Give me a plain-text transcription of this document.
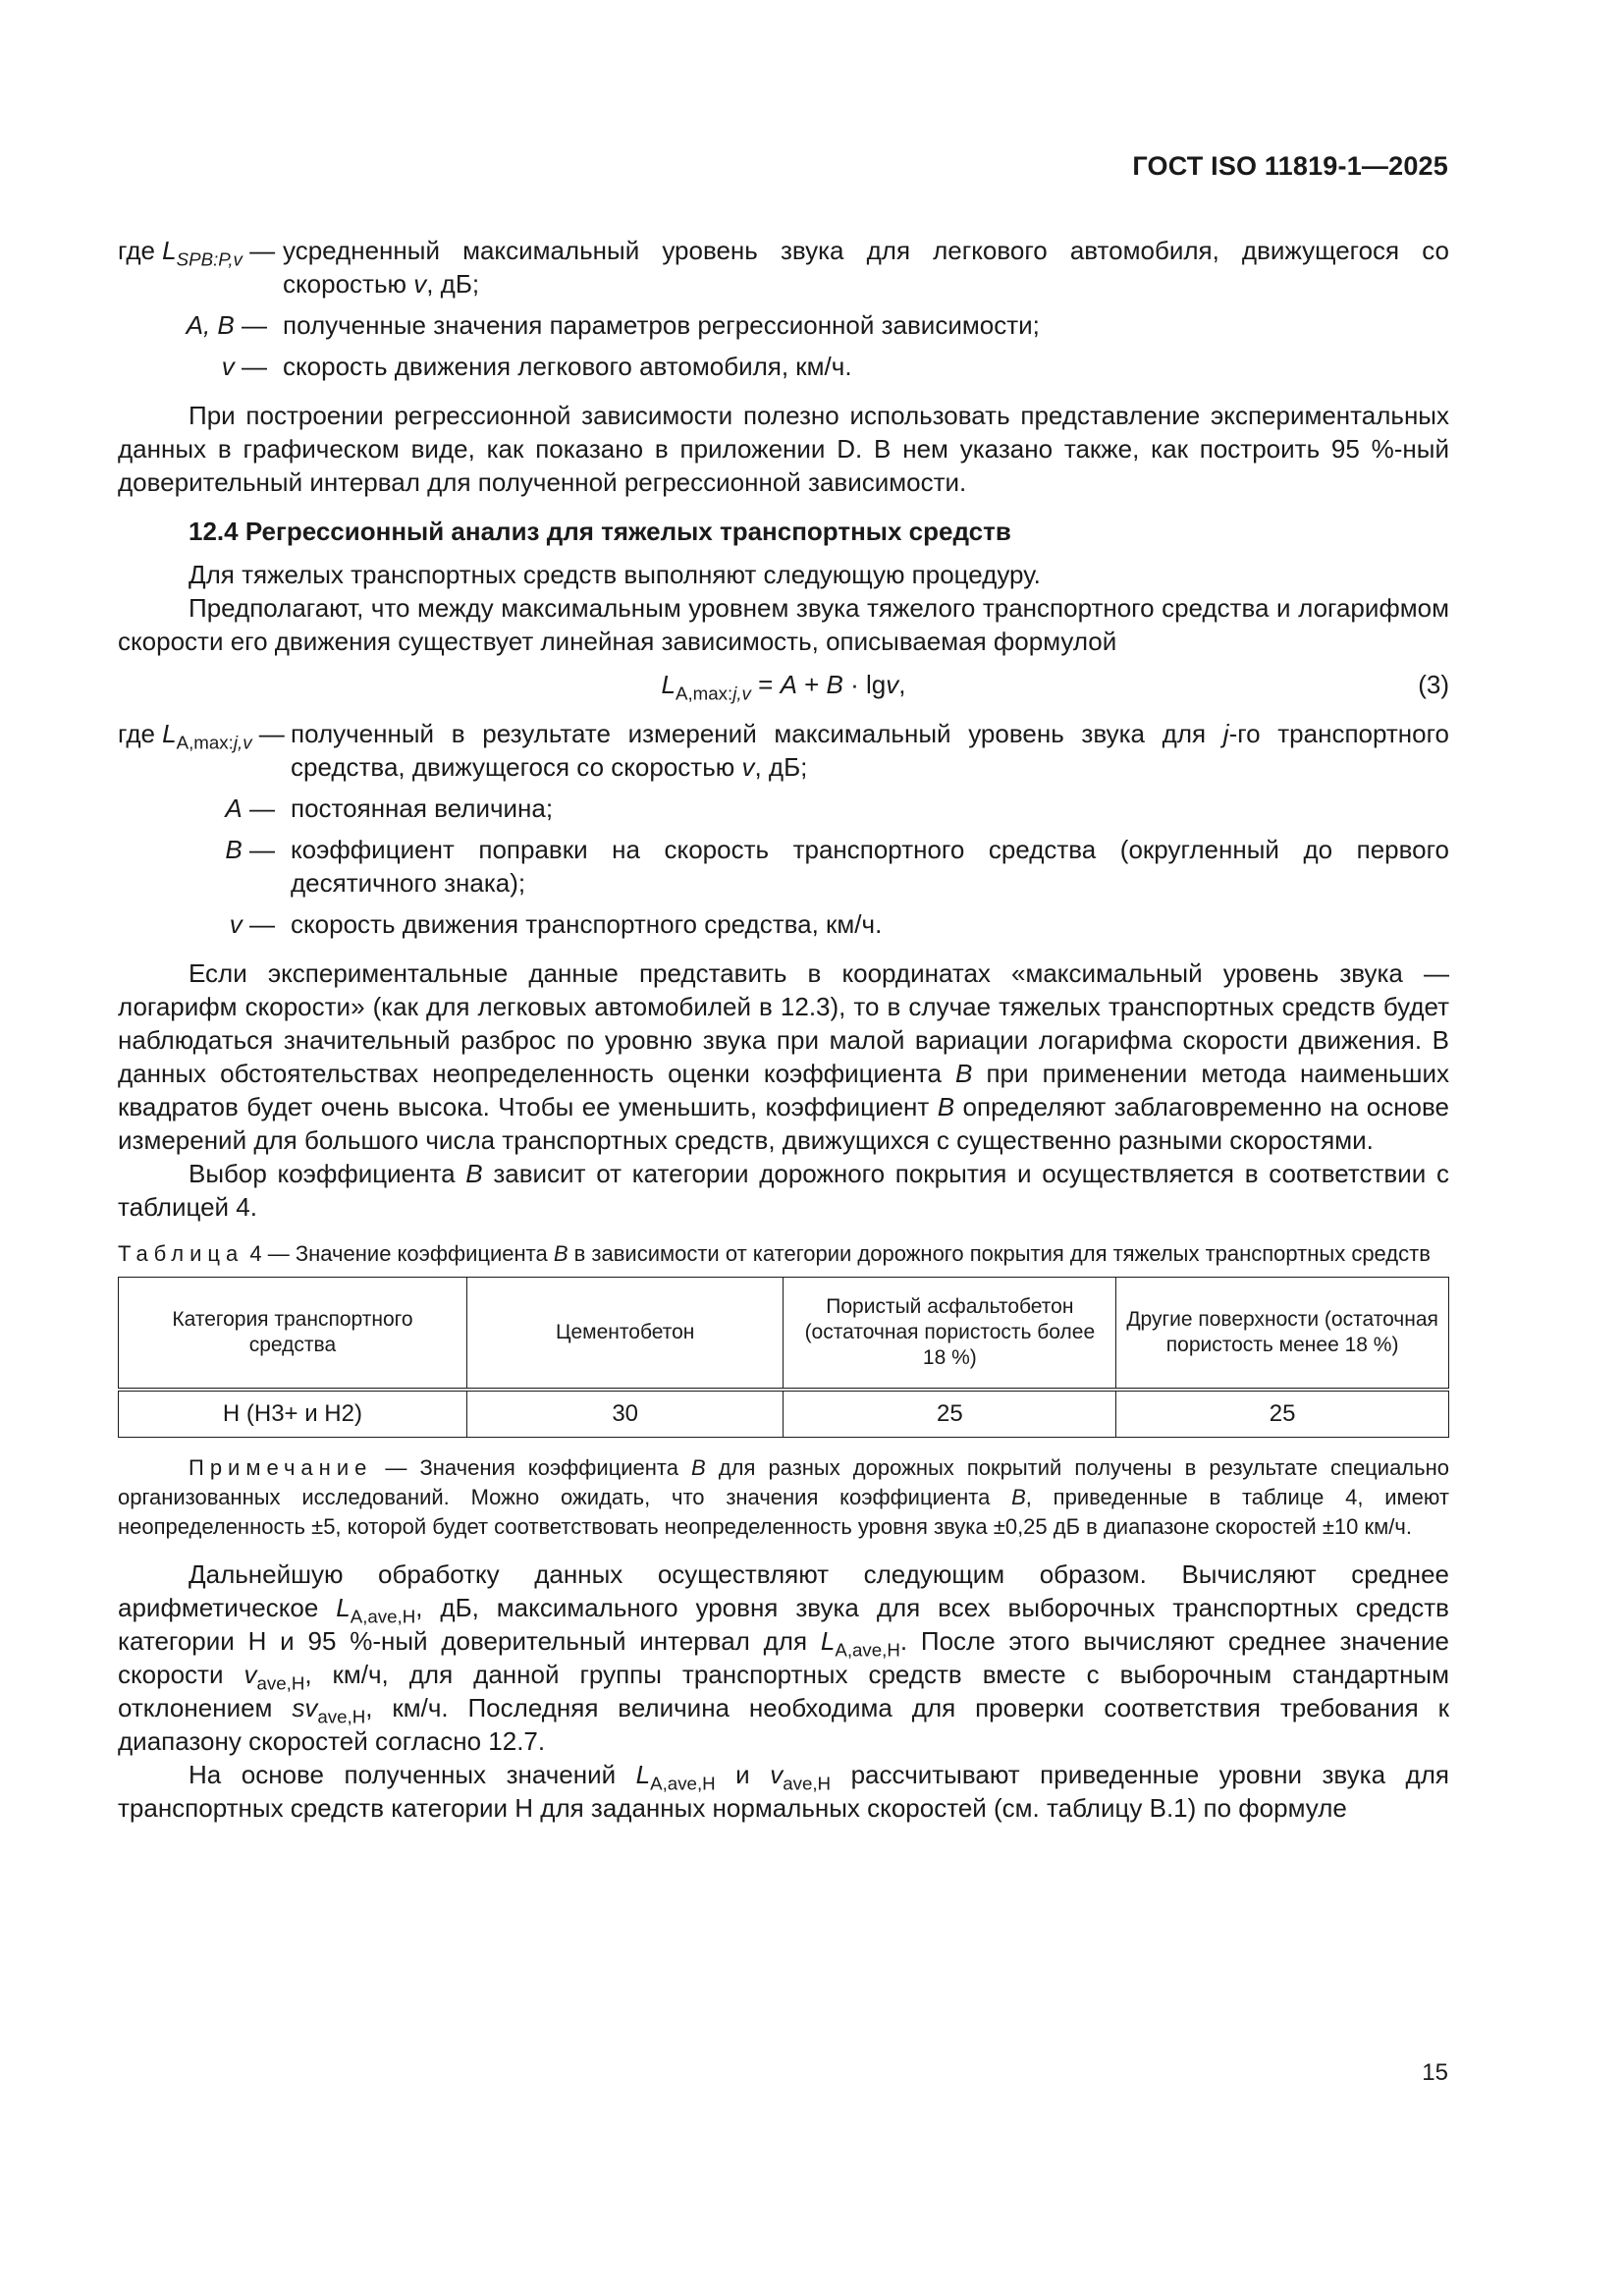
ГОСТ ISO 11819-1—2025
где $L_{SPB:P,v}$ — усредненный максимальный уровень звука для легкового автомобиля, движущегося со скоростью v, дБ;
A, B — полученные значения параметров регрессионной зависимости;
v — скорость движения легкового автомобиля, км/ч.

При построении регрессионной зависимости полезно использовать представление экспериментальных данных в графическом виде, как показано в приложении D. В нем указано также, как построить 95 %-ный доверительный интервал для полученной регрессионной зависимости.

12.4 Регрессионный анализ для тяжелых транспортных средств

Для тяжелых транспортных средств выполняют следующую процедуру.

Предполагают, что между максимальным уровнем звука тяжелого транспортного средства и логарифмом скорости его движения существует линейная зависимость, описываемая формулой

$L_{A,max:j,v} = A + B \cdot \lg v$,	(3)
где $L_{A,max:j,v}$ — полученный в результате измерений максимальный уровень звука для j-го транспортного средства, движущегося со скоростью v, дБ;
A — постоянная величина;
B — коэффициент поправки на скорость транспортного средства (округленный до первого десятичного знака);
v — скорость движения транспортного средства, км/ч.

Если экспериментальные данные представить в координатах «максимальный уровень звука — логарифм скорости» (как для легковых автомобилей в 12.3), то в случае тяжелых транспортных средств будет наблюдаться значительный разброс по уровню звука при малой вариации логарифма скорости движения. В данных обстоятельствах неопределенность оценки коэффициента B при применении метода наименьших квадратов будет очень высока. Чтобы ее уменьшить, коэффициент B определяют заблаговременно на основе измерений для большого числа транспортных средств, движущихся с существенно разными скоростями.

Выбор коэффициента B зависит от категории дорожного покрытия и осуществляется в соответствии с таблицей 4.

Таблица 4 — Значение коэффициента B в зависимости от категории дорожного покрытия для тяжелых транспортных средств
Категория транспортного средства	Цементобетон	Пористый асфальтобетон (остаточная пористость более 18 %)	Другие поверхности (остаточная пористость менее 18 %)
H (H3+ и H2)	30	25	25
Примечание — Значения коэффициента B для разных дорожных покрытий получены в результате специально организованных исследований. Можно ожидать, что значения коэффициента B, приведенные в таблице 4, имеют неопределенность ±5, которой будет соответствовать неопределенность уровня звука ±0,25 дБ в диапазоне скоростей ±10 км/ч.

Дальнейшую обработку данных осуществляют следующим образом. Вычисляют среднее арифметическое $L_{A,ave,H}$, дБ, максимального уровня звука для всех выборочных транспортных средств категории H и 95 %-ный доверительный интервал для $L_{A,ave,H}$. После этого вычисляют среднее значение скорости $v_{ave,H}$, км/ч, для данной группы транспортных средств вместе с выборочным стандартным отклонением $sv_{ave,H}$, км/ч. Последняя величина необходима для проверки соответствия требования к диапазону скоростей согласно 12.7.

На основе полученных значений $L_{A,ave,H}$ и $v_{ave,H}$ рассчитывают приведенные уровни звука для транспортных средств категории H для заданных нормальных скоростей (см. таблицу B.1) по формуле

15
